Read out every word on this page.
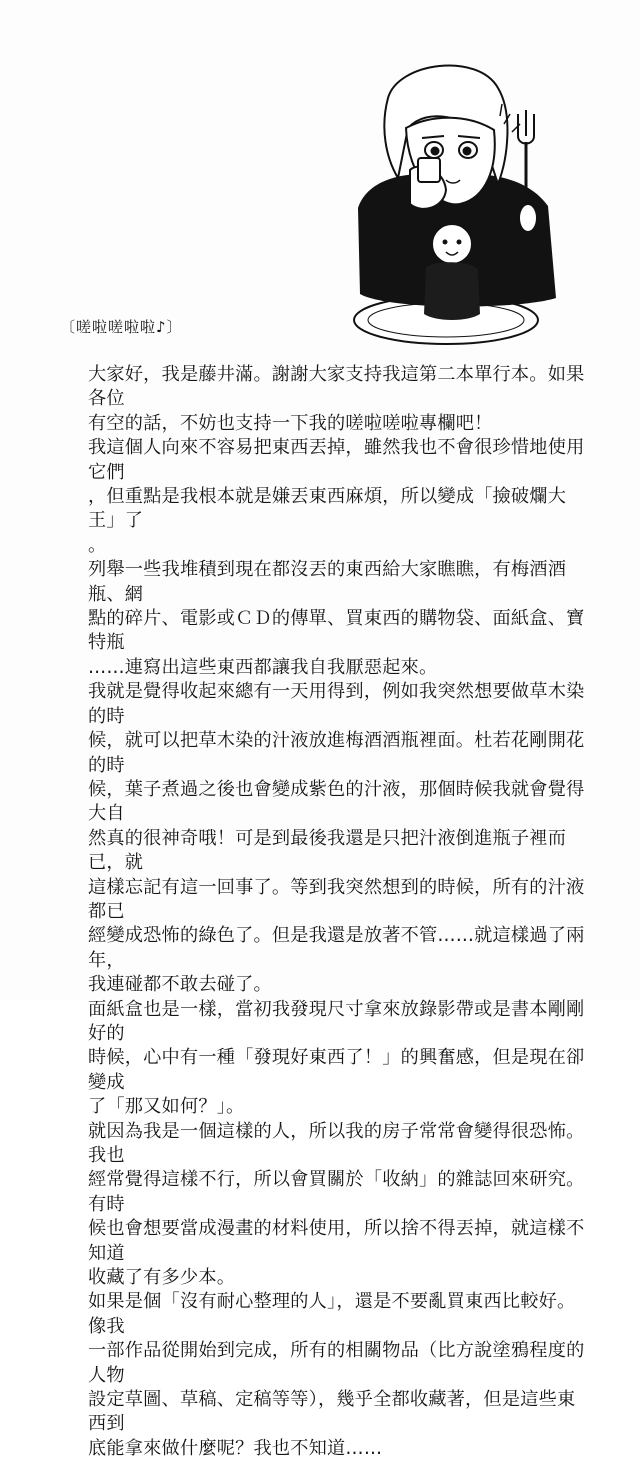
〔嗟啦嗟啦啦♪〕

大家好，我是藤井滿。謝謝大家支持我這第二本單行本。如果各位
有空的話，不妨也支持一下我的嗟啦嗟啦專欄吧！

我這個人向來不容易把東西丟掉，雖然我也不會很珍惜地使用它們
，但重點是我根本就是嫌丟東西麻煩，所以變成「撿破爛大王」了
。

列舉一些我堆積到現在都沒丟的東西給大家瞧瞧，有梅酒酒瓶、網
點的碎片、電影或ＣＤ的傳單、買東西的購物袋、面紙盒、寶特瓶
……連寫出這些東西都讓我自我厭惡起來。

我就是覺得收起來總有一天用得到，例如我突然想要做草木染的時
候，就可以把草木染的汁液放進梅酒酒瓶裡面。杜若花剛開花的時
候，葉子煮過之後也會變成紫色的汁液，那個時候我就會覺得大自
然真的很神奇哦！可是到最後我還是只把汁液倒進瓶子裡而已，就
這樣忘記有這一回事了。等到我突然想到的時候，所有的汁液都已
經變成恐怖的綠色了。但是我還是放著不管……就這樣過了兩年，
我連碰都不敢去碰了。

面紙盒也是一樣，當初我發現尺寸拿來放錄影帶或是書本剛剛好的
時候，心中有一種「發現好東西了！」的興奮感，但是現在卻變成
了「那又如何？」。

就因為我是一個這樣的人，所以我的房子常常會變得很恐怖。我也
經常覺得這樣不行，所以會買關於「收納」的雜誌回來研究。有時
候也會想要當成漫畫的材料使用，所以捨不得丟掉，就這樣不知道
收藏了有多少本。

如果是個「沒有耐心整理的人」，還是不要亂買東西比較好。像我
一部作品從開始到完成，所有的相關物品（比方說塗鴉程度的人物
設定草圖、草稿、定稿等等），幾乎全都收藏著，但是這些東西到
底能拿來做什麼呢？我也不知道……
